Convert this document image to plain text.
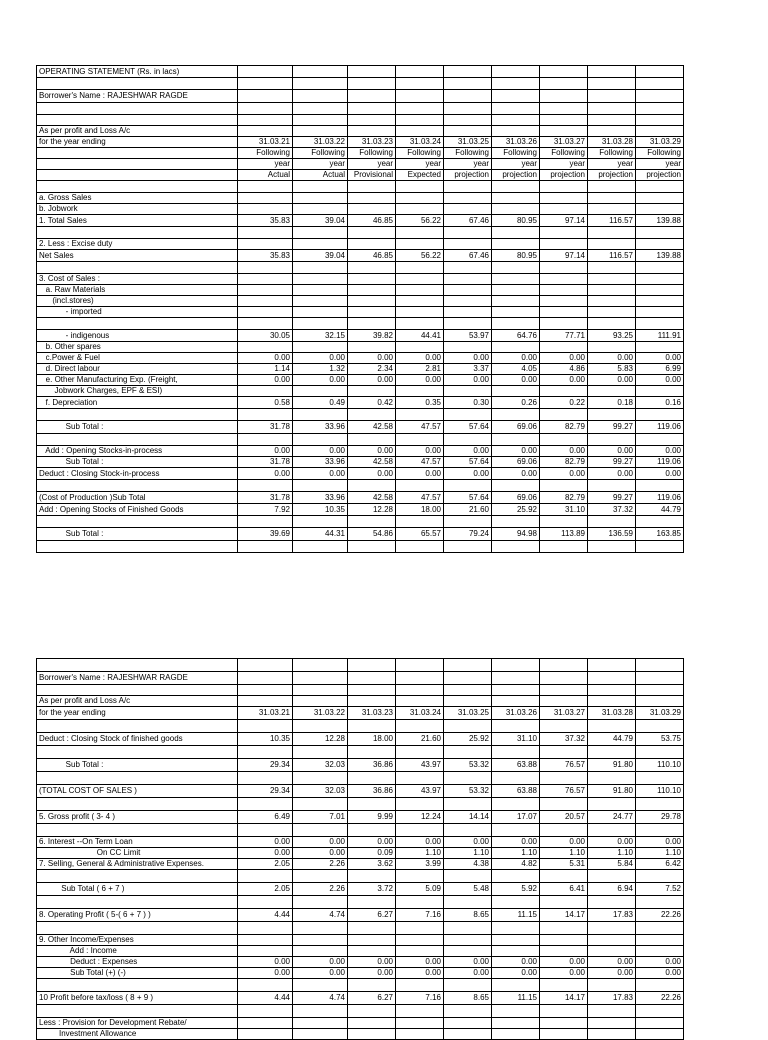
OPERATING STATEMENT (Rs. in lacs)									

Borrower's Name : RAJESHWAR RAGDE									

As per profit and Loss A/c									
for the year ending	31.03.21	31.03.22	31.03.23	31.03.24	31.03.25	31.03.26	31.03.27	31.03.28	31.03.29
	Following	Following	Following	Following	Following	Following	Following	Following	Following
	year	year	year	year	year	year	year	year	year
	Actual	Actual	Provisional	Expected	projection	projection	projection	projection	projection

a. Gross Sales									
b. Jobwork									
1. Total Sales	35.83	39.04	46.85	56.22	67.46	80.95	97.14	116.57	139.88

2. Less : Excise duty									
Net Sales	35.83	39.04	46.85	56.22	67.46	80.95	97.14	116.57	139.88

3. Cost of Sales :									
a. Raw Materials									
(incl.stores)									
- imported									

- indigenous	30.05	32.15	39.82	44.41	53.97	64.76	77.71	93.25	111.91
b. Other spares									
c.Power & Fuel	0.00	0.00	0.00	0.00	0.00	0.00	0.00	0.00	0.00
d. Direct labour	1.14	1.32	2.34	2.81	3.37	4.05	4.86	5.83	6.99
e. Other Manufacturing Exp. (Freight,	0.00	0.00	0.00	0.00	0.00	0.00	0.00	0.00	0.00
Jobwork Charges, EPF & ESI)									
f. Depreciation	0.58	0.49	0.42	0.35	0.30	0.26	0.22	0.18	0.16

Sub Total :	31.78	33.96	42.58	47.57	57.64	69.06	82.79	99.27	119.06

Add : Opening Stocks-in-process	0.00	0.00	0.00	0.00	0.00	0.00	0.00	0.00	0.00
Sub Total :	31.78	33.96	42.58	47.57	57.64	69.06	82.79	99.27	119.06
Deduct : Closing Stock-in-process	0.00	0.00	0.00	0.00	0.00	0.00	0.00	0.00	0.00

(Cost of Production )Sub Total	31.78	33.96	42.58	47.57	57.64	69.06	82.79	99.27	119.06
Add : Opening Stocks of Finished Goods	7.92	10.35	12.28	18.00	21.60	25.92	31.10	37.32	44.79

Sub Total :	39.69	44.31	54.86	65.57	79.24	94.98	113.89	136.59	163.85

Borrower's Name : RAJESHWAR RAGDE									

As per profit and Loss A/c									
for the year ending	31.03.21	31.03.22	31.03.23	31.03.24	31.03.25	31.03.26	31.03.27	31.03.28	31.03.29

Deduct : Closing Stock of finished goods	10.35	12.28	18.00	21.60	25.92	31.10	37.32	44.79	53.75

Sub Total :	29.34	32.03	36.86	43.97	53.32	63.88	76.57	91.80	110.10

(TOTAL COST OF SALES )	29.34	32.03	36.86	43.97	53.32	63.88	76.57	91.80	110.10

5. Gross profit ( 3- 4 )	6.49	7.01	9.99	12.24	14.14	17.07	20.57	24.77	29.78

6. Interest --On Term Loan	0.00	0.00	0.00	0.00	0.00	0.00	0.00	0.00	0.00
On CC Limit	0.00	0.00	0.09	1.10	1.10	1.10	1.10	1.10	1.10
7. Selling, General & Administrative Expenses.	2.05	2.26	3.62	3.99	4.38	4.82	5.31	5.84	6.42

Sub Total ( 6 + 7 )	2.05	2.26	3.72	5.09	5.48	5.92	6.41	6.94	7.52

8. Operating Profit ( 5-( 6 + 7 ) )	4.44	4.74	6.27	7.16	8.65	11.15	14.17	17.83	22.26

9. Other Income/Expenses									
Add : Income									
Deduct : Expenses	0.00	0.00	0.00	0.00	0.00	0.00	0.00	0.00	0.00
Sub Total (+) (-)	0.00	0.00	0.00	0.00	0.00	0.00	0.00	0.00	0.00

10 Profit before tax/loss ( 8 + 9 )	4.44	4.74	6.27	7.16	8.65	11.15	14.17	17.83	22.26

Less : Provision for Development Rebate/									
Investment Allowance									
